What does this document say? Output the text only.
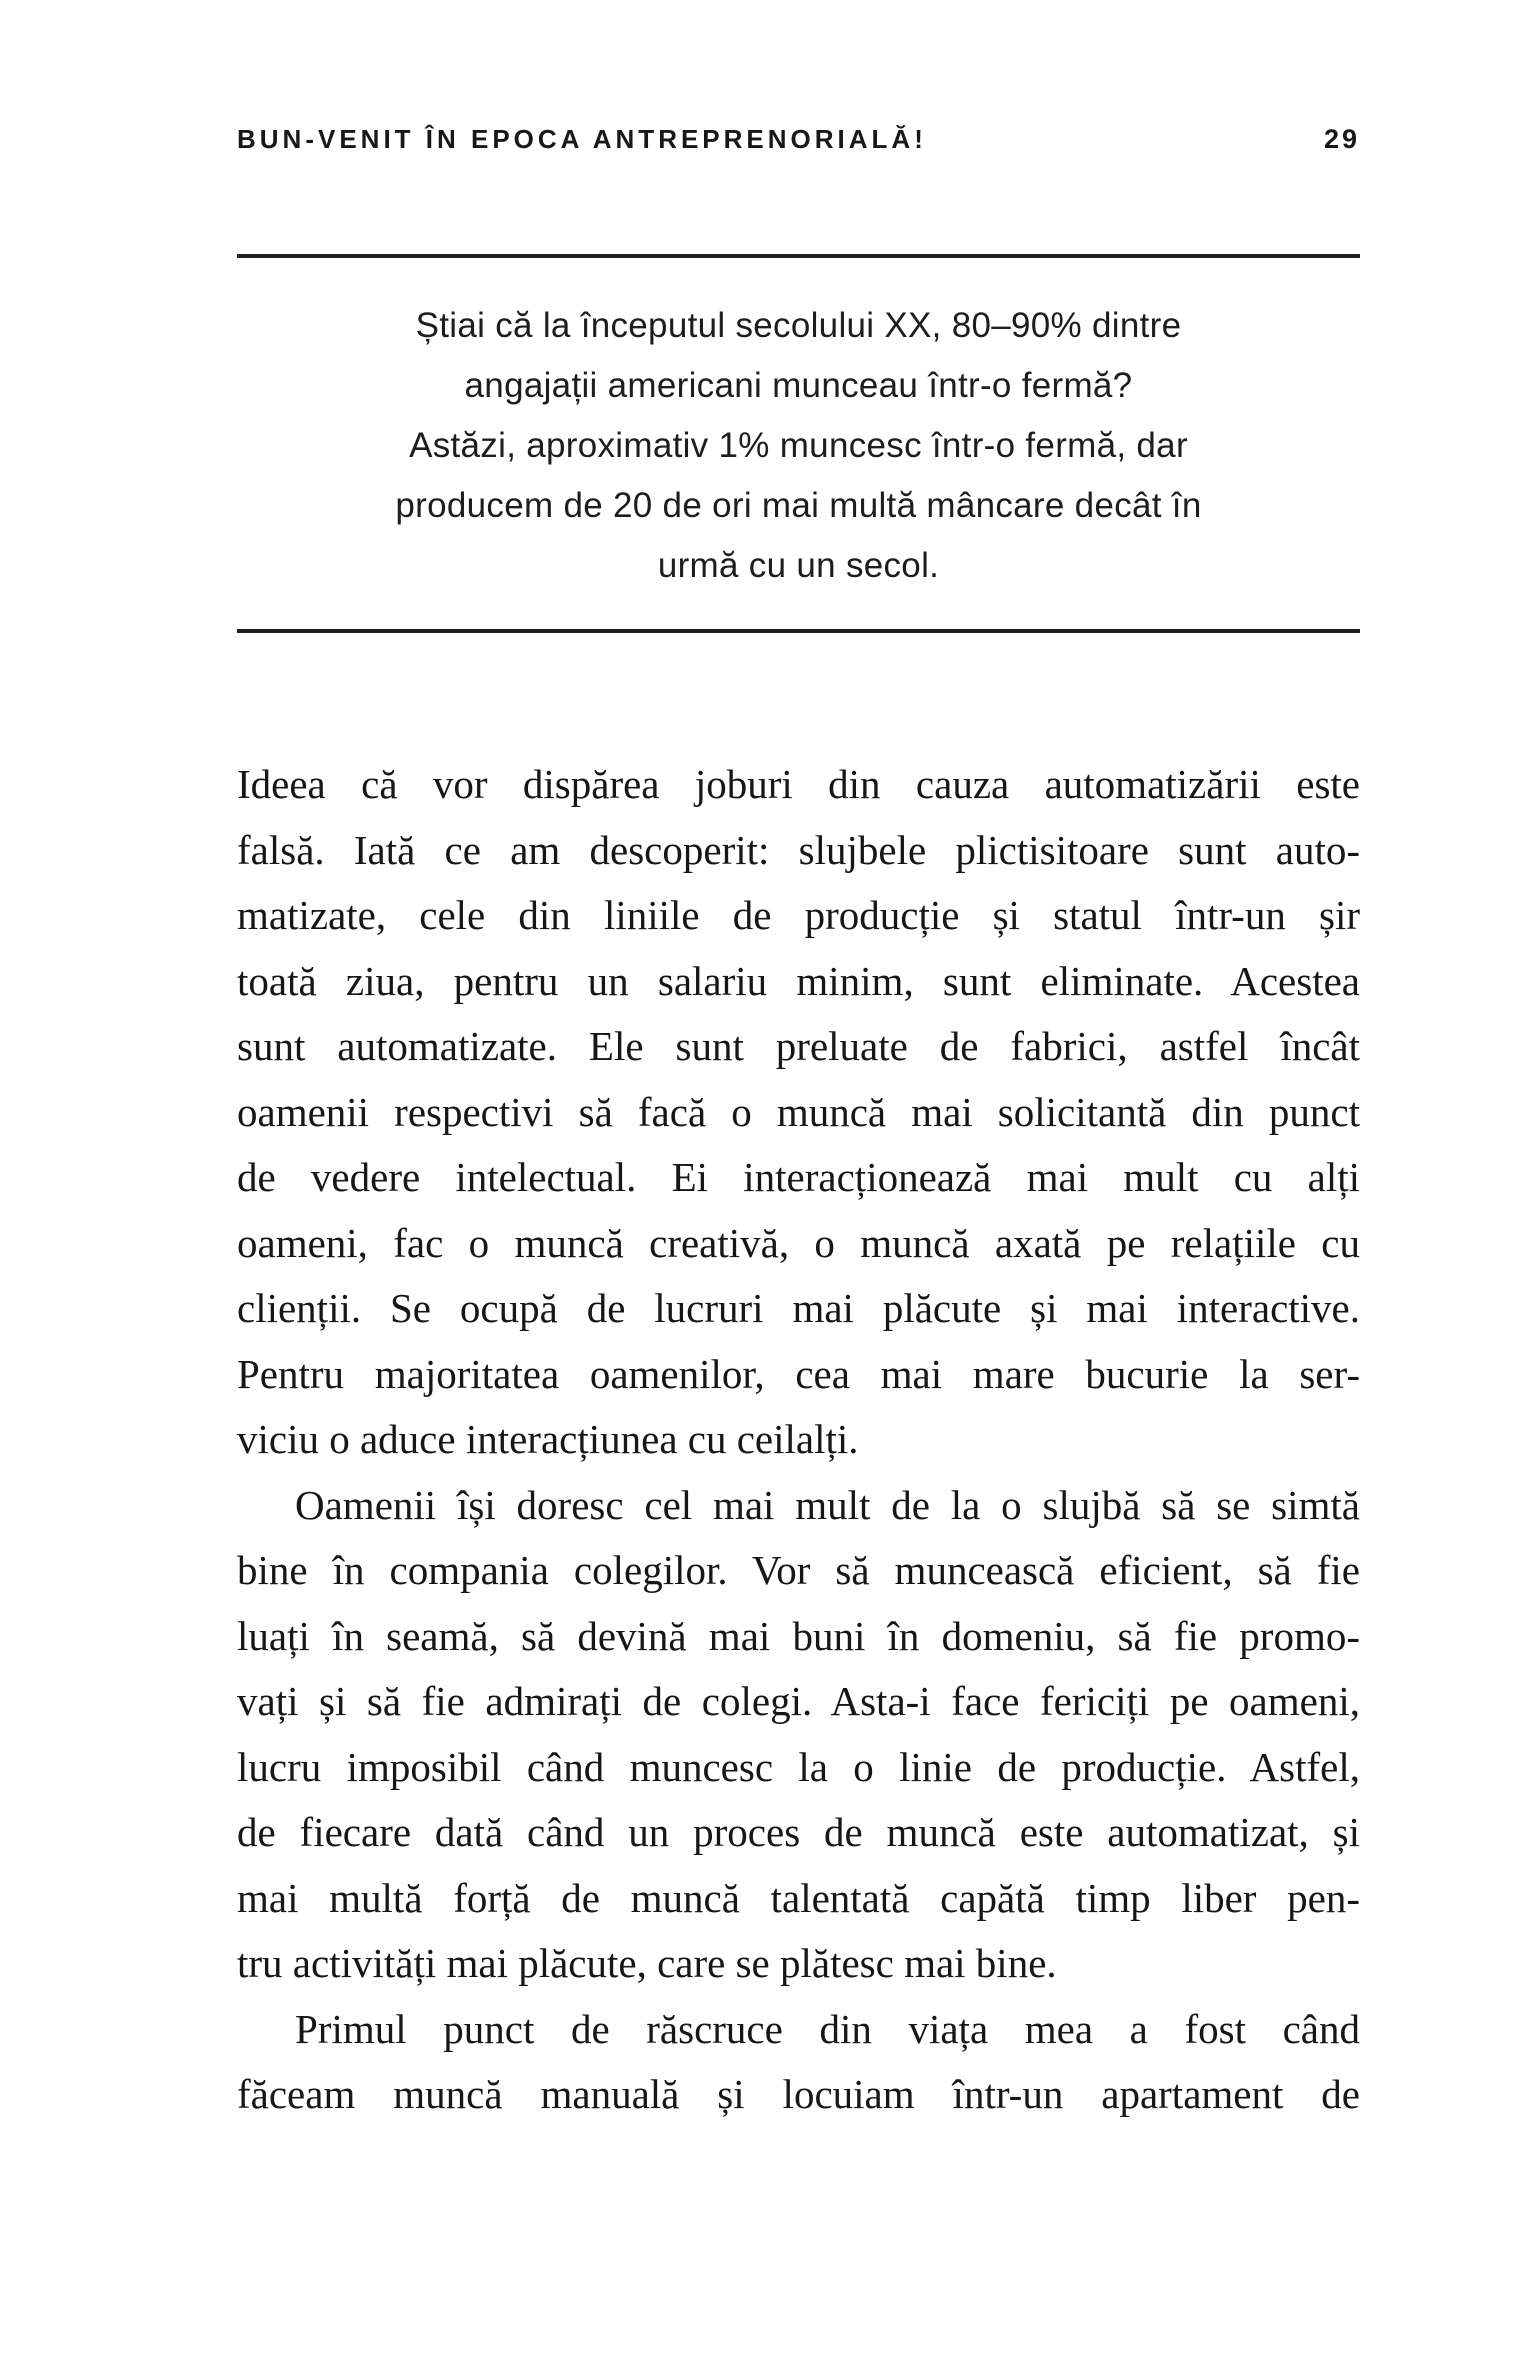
BUN-VENIT ÎN EPOCA ANTREPRENORIALĂ!	29
Știai că la începutul secolului XX, 80–90% dintre
angajații americani munceau într-o fermă?
Astăzi, aproximativ 1% muncesc într-o fermă, dar
producem de 20 de ori mai multă mâncare decât în
urmă cu un secol.
Ideea că vor dispărea joburi din cauza automatizării este
falsă. Iată ce am descoperit: slujbele plictisitoare sunt auto-
matizate, cele din liniile de producție și statul într-un șir
toată ziua, pentru un salariu minim, sunt eliminate. Acestea
sunt automatizate. Ele sunt preluate de fabrici, astfel încât
oamenii respectivi să facă o muncă mai solicitantă din punct
de vedere intelectual. Ei interacționează mai mult cu alți
oameni, fac o muncă creativă, o muncă axată pe relațiile cu
clienții. Se ocupă de lucruri mai plăcute și mai interactive.
Pentru majoritatea oamenilor, cea mai mare bucurie la ser-
viciu o aduce interacțiunea cu ceilalți.
Oamenii își doresc cel mai mult de la o slujbă să se simtă
bine în compania colegilor. Vor să muncească eficient, să fie
luați în seamă, să devină mai buni în domeniu, să fie promo-
vați și să fie admirați de colegi. Asta-i face fericiți pe oameni,
lucru imposibil când muncesc la o linie de producție. Astfel,
de fiecare dată când un proces de muncă este automatizat, și
mai multă forță de muncă talentată capătă timp liber pen-
tru activități mai plăcute, care se plătesc mai bine.
Primul punct de răscruce din viața mea a fost când
făceam muncă manuală și locuiam într-un apartament de
